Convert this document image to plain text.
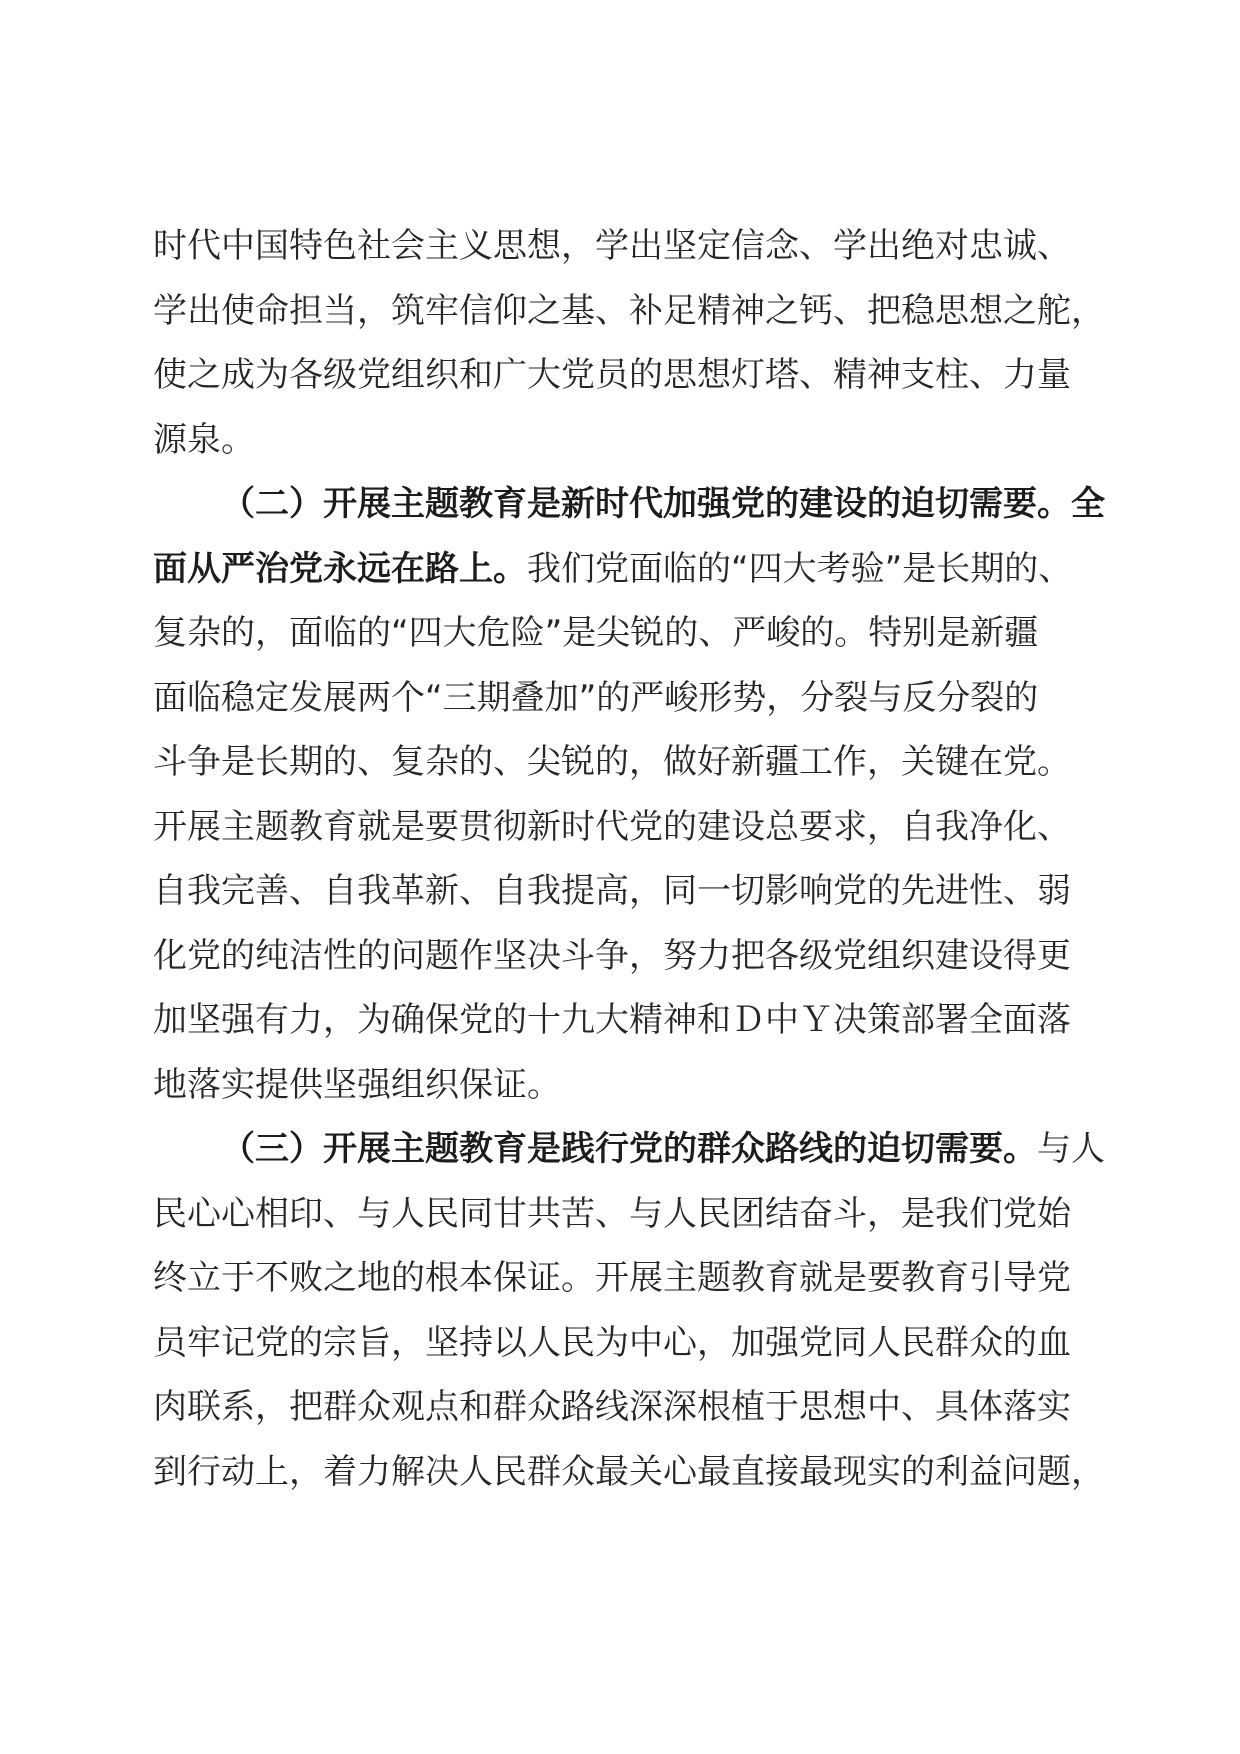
时代中国特色社会主义思想，学出坚定信念、学出绝对忠诚、
学出使命担当，筑牢信仰之基、补足精神之钙、把稳思想之舵，
使之成为各级党组织和广大党员的思想灯塔、精神支柱、力量
源泉。
（二）开展主题教育是新时代加强党的建设的迫切需要。全
面从严治党永远在路上。我们党面临的“四大考验”是长期的、
复杂的，面临的“四大危险”是尖锐的、严峻的。特别是新疆
面临稳定发展两个“三期叠加”的严峻形势，分裂与反分裂的
斗争是长期的、复杂的、尖锐的，做好新疆工作，关键在党。
开展主题教育就是要贯彻新时代党的建设总要求，自我净化、
自我完善、自我革新、自我提高，同一切影响党的先进性、弱
化党的纯洁性的问题作坚决斗争，努力把各级党组织建设得更
加坚强有力，为确保党的十九大精神和Ｄ中Ｙ决策部署全面落
地落实提供坚强组织保证。
（三）开展主题教育是践行党的群众路线的迫切需要。与人
民心心相印、与人民同甘共苦、与人民团结奋斗，是我们党始
终立于不败之地的根本保证。开展主题教育就是要教育引导党
员牢记党的宗旨，坚持以人民为中心，加强党同人民群众的血
肉联系，把群众观点和群众路线深深根植于思想中、具体落实
到行动上，着力解决人民群众最关心最直接最现实的利益问题，
